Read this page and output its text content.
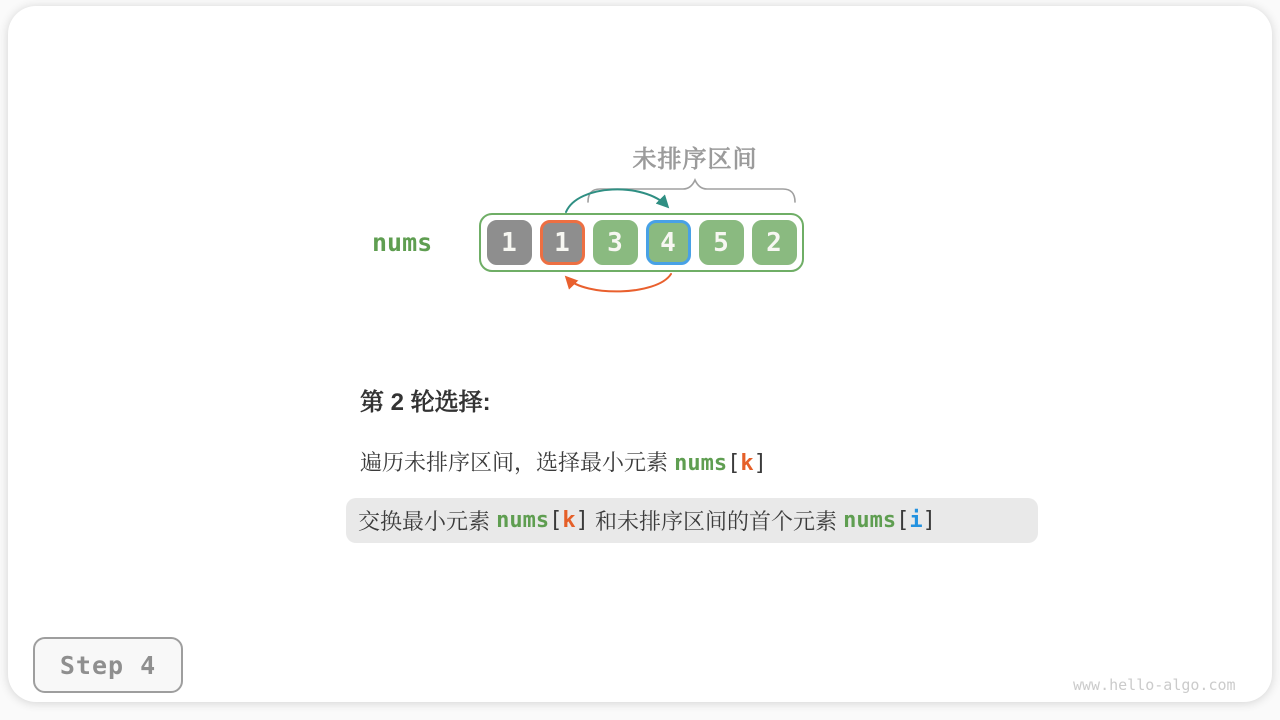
未排序区间
nums	1	1	3	4	5	2
第 2 轮选择:
遍历未排序区间，选择最小元素 nums[k]
交换最小元素 nums[k] 和未排序区间的首个元素 nums[i]
Step 4
www.hello-algo.com
